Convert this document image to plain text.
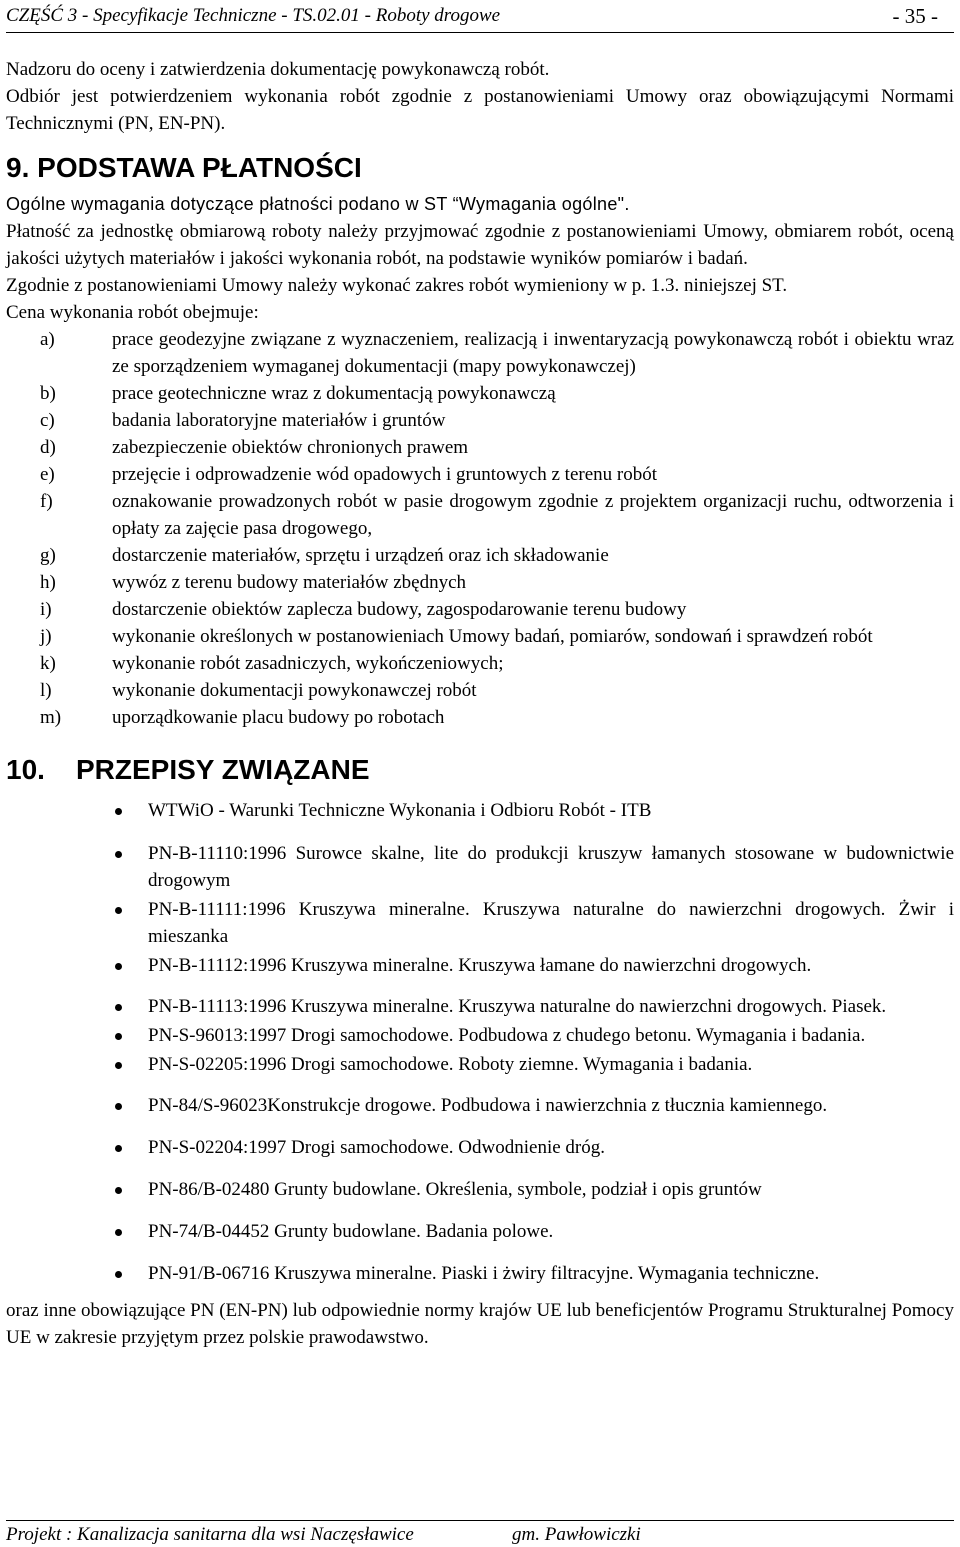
CZĘŚĆ 3 - Specyfikacje Techniczne - TS.02.01 - Roboty drogowe	- 35 -

Nadzoru do oceny i zatwierdzenia dokumentację powykonawczą robót.

Odbiór jest potwierdzeniem wykonania robót zgodnie z postanowieniami Umowy oraz obowiązującymi Normami Technicznymi (PN, EN-PN).

9. PODSTAWA PŁATNOŚCI

Ogólne wymagania dotyczące płatności podano w ST “Wymagania ogólne".

Płatność za jednostkę obmiarową roboty należy przyjmować zgodnie z postanowieniami Umowy, obmiarem robót, oceną jakości użytych materiałów i jakości wykonania robót, na podstawie wyników pomiarów i badań.

Zgodnie z postanowieniami Umowy należy wykonać zakres robót wymieniony w p. 1.3. niniejszej ST.

Cena wykonania robót obejmuje:

a)	prace geodezyjne związane z wyznaczeniem, realizacją i inwentaryzacją powykonawczą robót i obiektu wraz ze sporządzeniem wymaganej dokumentacji (mapy powykonawczej)
b)	prace geotechniczne wraz z dokumentacją powykonawczą
c)	badania laboratoryjne materiałów i gruntów
d)	zabezpieczenie obiektów chronionych prawem
e)	przejęcie i odprowadzenie wód opadowych i gruntowych z terenu robót
f)	oznakowanie prowadzonych robót w pasie drogowym zgodnie z projektem organizacji ruchu, odtworzenia i opłaty za zajęcie pasa drogowego,
g)	dostarczenie materiałów, sprzętu i urządzeń oraz ich składowanie
h)	wywóz z terenu budowy materiałów zbędnych
i)	dostarczenie obiektów zaplecza budowy, zagospodarowanie terenu budowy
j)	wykonanie określonych w postanowieniach Umowy badań, pomiarów, sondowań i sprawdzeń robót
k)	wykonanie robót zasadniczych, wykończeniowych;
l)	wykonanie dokumentacji powykonawczej robót
m)	uporządkowanie placu budowy po robotach
10. PRZEPISY ZWIĄZANE
WTWiO - Warunki Techniczne Wykonania i Odbioru Robót - ITB
PN-B-11110:1996 Surowce skalne, lite do produkcji kruszyw łamanych stosowane w budownictwie drogowym
PN-B-11111:1996 Kruszywa mineralne. Kruszywa naturalne do nawierzchni drogowych. Żwir i mieszanka
PN-B-11112:1996 Kruszywa mineralne. Kruszywa łamane do nawierzchni drogowych.
PN-B-11113:1996 Kruszywa mineralne. Kruszywa naturalne do nawierzchni drogowych. Piasek.
PN-S-96013:1997 Drogi samochodowe. Podbudowa z chudego betonu. Wymagania i badania.
PN-S-02205:1996 Drogi samochodowe. Roboty ziemne. Wymagania i badania.
PN-84/S-96023Konstrukcje drogowe. Podbudowa i nawierzchnia z tłucznia kamiennego.
PN-S-02204:1997 Drogi samochodowe. Odwodnienie dróg.
PN-86/B-02480 Grunty budowlane. Określenia, symbole, podział i opis gruntów
PN-74/B-04452 Grunty budowlane. Badania polowe.
PN-91/B-06716 Kruszywa mineralne. Piaski i żwiry filtracyjne. Wymagania techniczne.

oraz inne obowiązujące PN (EN-PN) lub odpowiednie normy krajów UE lub beneficjentów Programu Strukturalnej Pomocy UE w zakresie przyjętym przez polskie prawodawstwo.

Projekt : Kanalizacja sanitarna dla wsi Naczęsławice	gm. Pawłowiczki
